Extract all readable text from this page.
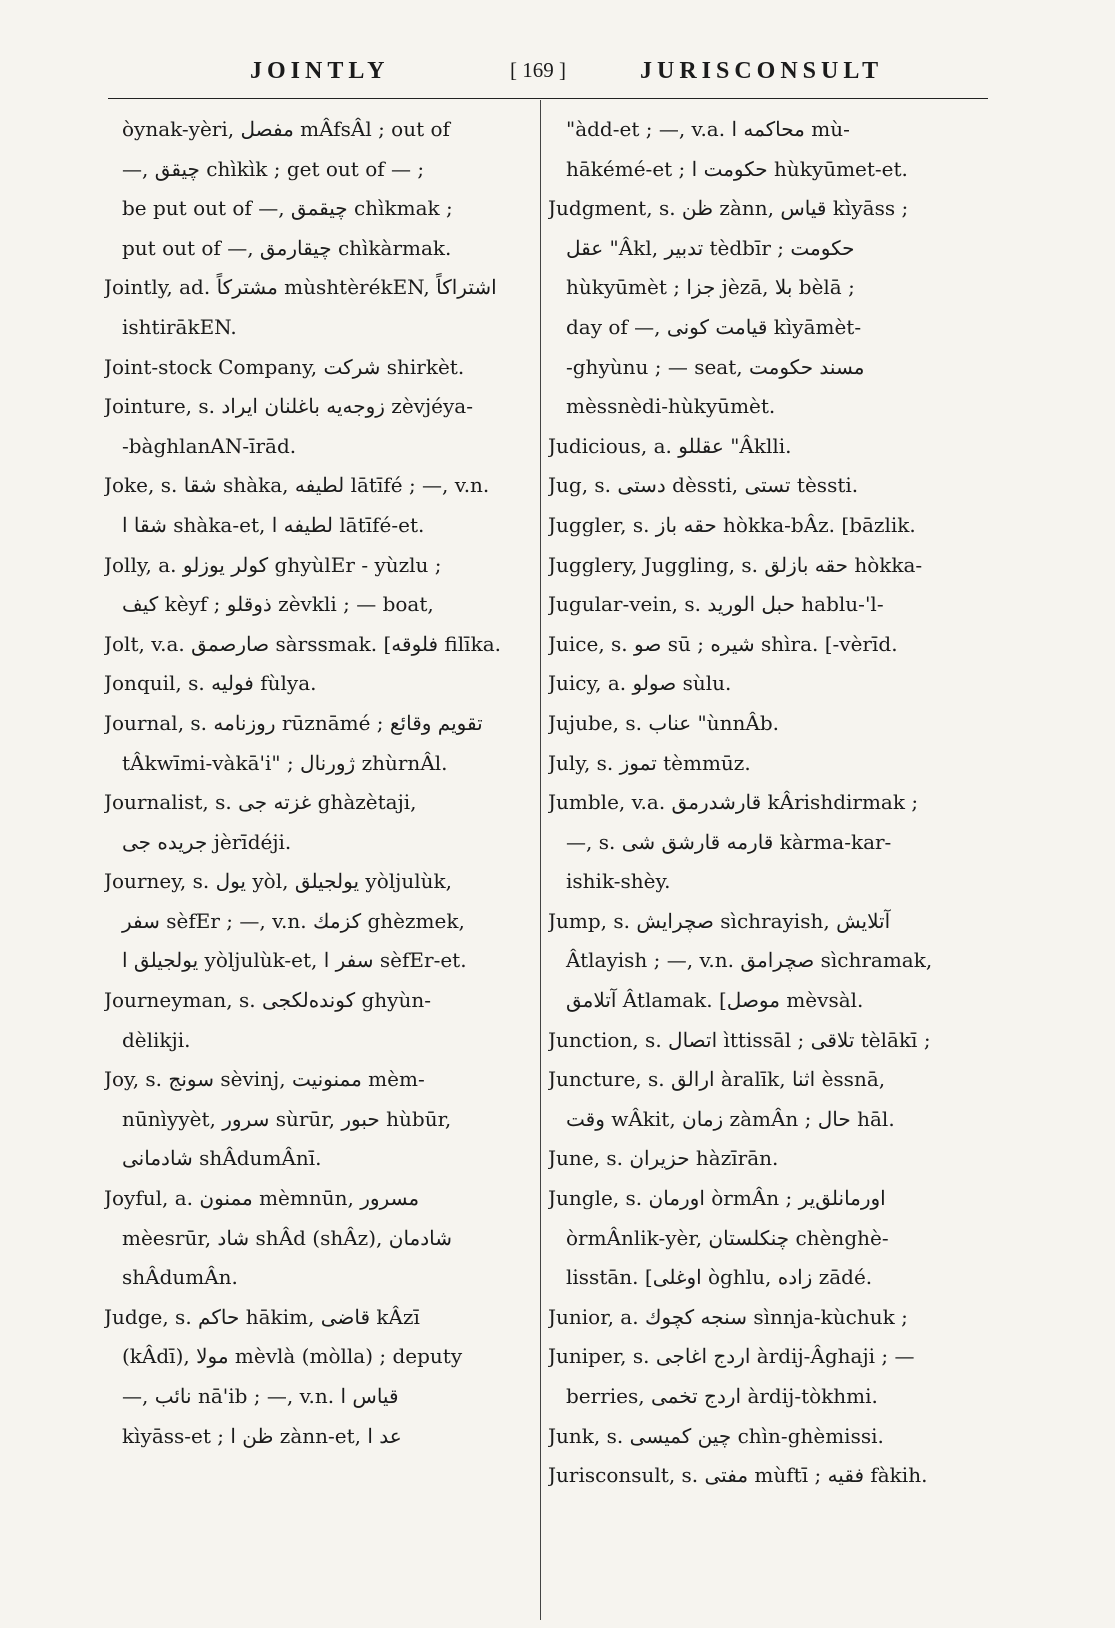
JOINTLY	[ 169 ]	JURISCONSULT
òynak-yèri, مفصل mÂfsÂl ; out of
—, چيقق chìkìk ; get out of — ;
be put out of —, چيقمق chìkmak ;
put out of —, چيقارمق chìkàrmak.
Jointly, ad. مشتركاً mùshtèrékEN, اشتراكاً
ishtirākEN.
Joint-stock Company, شركت shirkèt.
Jointure, s. زوجه‌يه باغلنان ايراد zèvjéya-
-bàghlanAN-īrād.
Joke, s. شقا shàka, لطيفه lātīfé ; —, v.n.
شقا ا shàka-et, لطيفه ا lātīfé-et.
Jolly, a. كولر يوزلو ghyùlEr - yùzlu ;
كيف kèyf ; ذوقلو zèvkli ; — boat,
Jolt, v.a. صارصمق sàrssmak. [فلوقه filīka.
Jonquil, s. فوليه fùlya.
Journal, s. روزنامه rūznāmé ; تقويم وقائع
tÂkwīmi-vàkā'i" ; ژورنال zhùrnÂl.
Journalist, s. غزته جى ghàzètaji,
جريده جى jèrīdéji.
Journey, s. يول yòl, يولجيلق yòljulùk,
سفر sèfEr ; —, v.n. كزمك ghèzmek,
يولجيلق ا yòljulùk-et, سفر ا sèfEr-et.
Journeyman, s. كونده‌لكجى ghyùn-
dèlikji.
Joy, s. سونج sèvinj, ممنونيت mèm-
nūnìyyèt, سرور sùrūr, حبور hùbūr,
شادمانى shÂdumÂnī.
Joyful, a. ممنون mèmnūn, مسرور
mèesrūr, شاد shÂd (shÂz), شادمان
shÂdumÂn.
Judge, s. حاكم hākim, قاضى kÂzī
(kÂdī), مولا mèvlà (mòlla) ; deputy
—, نائب nā'ib ; —, v.n. قياس ا
kìyāss-et ; ظن ا zànn-et, عد ا
"àdd-et ; —, v.a. محاكمه ا mù-
hākémé-et ; حكومت ا hùkyūmet-et.
Judgment, s. ظن zànn, قياس kìyāss ;
عقل "Âkl, تدبير tèdbīr ; حكومت
hùkyūmèt ; جزا jèzā, بلا bèlā ;
day of —, قيامت كونى kìyāmèt-
-ghyùnu ; — seat, مسند حكومت
mèssnèdi-hùkyūmèt.
Judicious, a. عقللو "Âklli.
Jug, s. دستى dèssti, تستى tèssti.
Juggler, s. حقه باز hòkka-bÂz. [bāzlik.
Jugglery, Juggling, s. حقه بازلق hòkka-
Jugular-vein, s. حبل الوريد hablu-'l-
Juice, s. صو sū ; شيره shìra. [-vèrīd.
Juicy, a. صولو sùlu.
Jujube, s. عناب "ùnnÂb.
July, s. تموز tèmmūz.
Jumble, v.a. قارشدرمق kÂrishdirmak ;
—, s. قارمه قارشق شى kàrma-kar-
ishik-shèy.
Jump, s. صچرايش sìchrayish, آتلايش
Âtlayish ; —, v.n. صچرامق sìchramak,
آتلامق Âtlamak. [موصل mèvsàl.
Junction, s. اتصال ìttissāl ; تلاقى tèlākī ;
Juncture, s. ارالق àralīk, اثنا èssnā,
وقت wÂkit, زمان zàmÂn ; حال hāl.
June, s. حزيران hàzīrān.
Jungle, s. اورمان òrmÂn ; اورمانلق‌ير
òrmÂnlik-yèr, چنكلستان chènghè-
lisstān. [اوغلى òghlu, زاده zādé.
Junior, a. سنجه كچوك sìnnja-kùchuk ;
Juniper, s. اردج اغاجى àrdij-Âghaji ; —
berries, اردج تخمى àrdij-tòkhmi.
Junk, s. چين كميسى chìn-ghèmissi.
Jurisconsult, s. مفتى mùftī ; فقيه fàkih.
